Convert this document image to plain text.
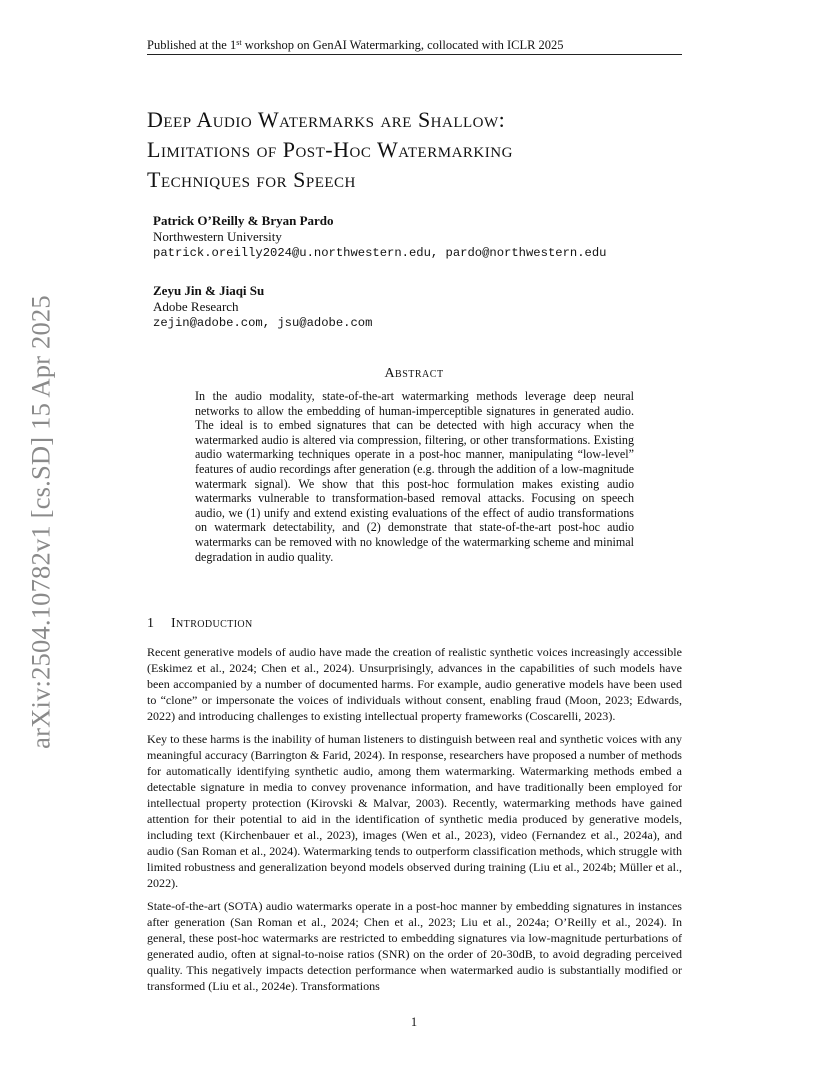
Published at the 1st workshop on GenAI Watermarking, collocated with ICLR 2025
arXiv:2504.10782v1 [cs.SD] 15 Apr 2025
Deep Audio Watermarks are Shallow:
Limitations of Post-Hoc Watermarking
Techniques for Speech
Patrick O’Reilly & Bryan Pardo
Northwestern University
patrick.oreilly2024@u.northwestern.edu, pardo@northwestern.edu
Zeyu Jin & Jiaqi Su
Adobe Research
zejin@adobe.com, jsu@adobe.com
Abstract

In the audio modality, state-of-the-art watermarking methods leverage deep neural networks to allow the embedding of human-imperceptible signatures in generated audio. The ideal is to embed signatures that can be detected with high accuracy when the watermarked audio is altered via compression, filtering, or other transformations. Existing audio watermarking techniques operate in a post-hoc manner, manipulating “low-level” features of audio recordings after generation (e.g. through the addition of a low-magnitude watermark signal). We show that this post-hoc formulation makes existing audio watermarks vulnerable to transformation-based removal attacks. Focusing on speech audio, we (1) unify and extend existing evaluations of the effect of audio transformations on watermark detectability, and (2) demonstrate that state-of-the-art post-hoc audio watermarks can be removed with no knowledge of the watermarking scheme and minimal degradation in audio quality.

1 Introduction

Recent generative models of audio have made the creation of realistic synthetic voices increasingly accessible (Eskimez et al., 2024; Chen et al., 2024). Unsurprisingly, advances in the capabilities of such models have been accompanied by a number of documented harms. For example, audio generative models have been used to “clone” or impersonate the voices of individuals without consent, enabling fraud (Moon, 2023; Edwards, 2022) and introducing challenges to existing intellectual property frameworks (Coscarelli, 2023).

Key to these harms is the inability of human listeners to distinguish between real and synthetic voices with any meaningful accuracy (Barrington & Farid, 2024). In response, researchers have proposed a number of methods for automatically identifying synthetic audio, among them watermarking. Watermarking methods embed a detectable signature in media to convey provenance information, and have traditionally been employed for intellectual property protection (Kirovski & Malvar, 2003). Recently, watermarking methods have gained attention for their potential to aid in the identification of synthetic media produced by generative models, including text (Kirchenbauer et al., 2023), images (Wen et al., 2023), video (Fernandez et al., 2024a), and audio (San Roman et al., 2024). Watermarking tends to outperform classification methods, which struggle with limited robustness and generalization beyond models observed during training (Liu et al., 2024b; Müller et al., 2022).

State-of-the-art (SOTA) audio watermarks operate in a post-hoc manner by embedding signatures in instances after generation (San Roman et al., 2024; Chen et al., 2023; Liu et al., 2024a; O’Reilly et al., 2024). In general, these post-hoc watermarks are restricted to embedding signatures via low-magnitude perturbations of generated audio, often at signal-to-noise ratios (SNR) on the order of 20-30dB, to avoid degrading perceived quality. This negatively impacts detection performance when watermarked audio is substantially modified or transformed (Liu et al., 2024e). Transformations

1
